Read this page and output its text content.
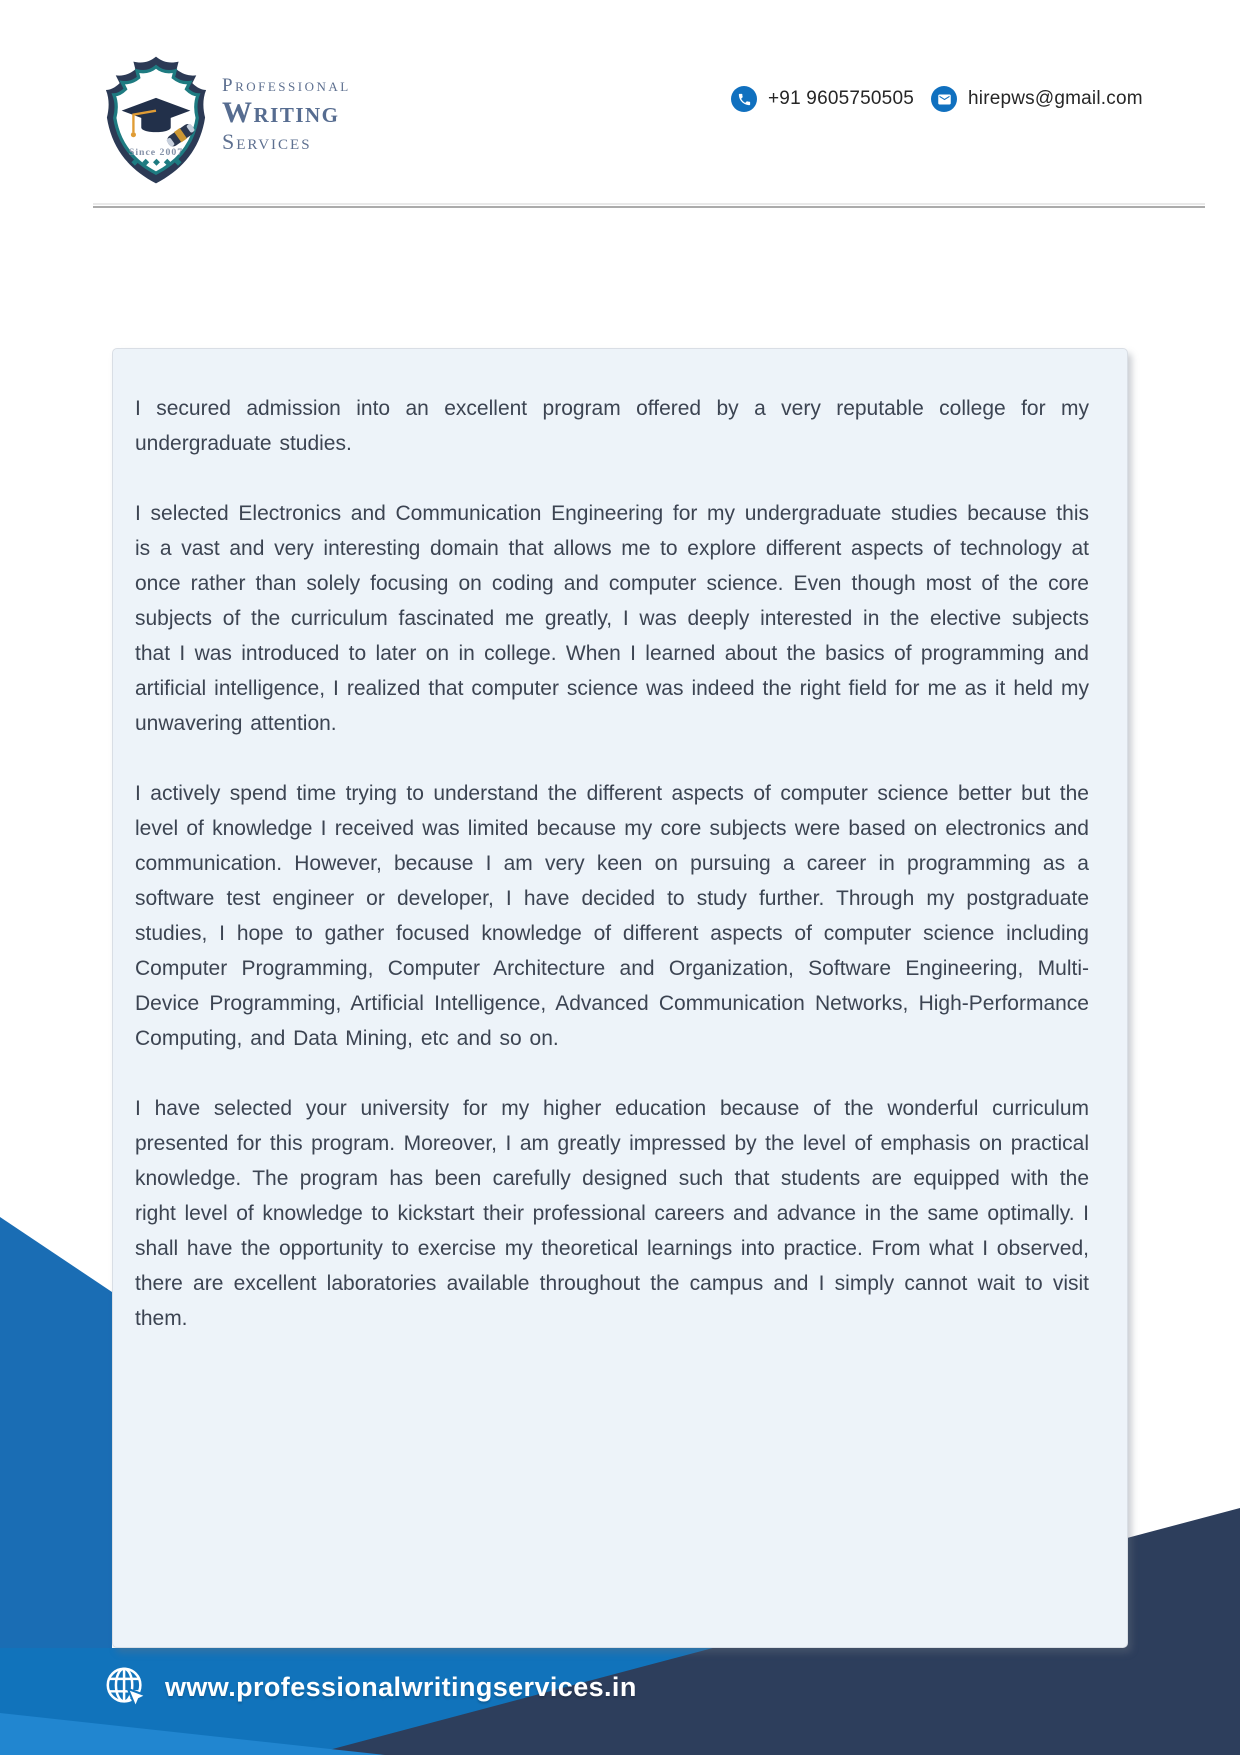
Since 2007
Professional
Writing
Services
+91 9605750505	hirepws@gmail.com

I secured admission into an excellent program offered by a very reputable college for my undergraduate studies.

I selected Electronics and Communication Engineering for my undergraduate studies because this is a vast and very interesting domain that allows me to explore different aspects of technology at once rather than solely focusing on coding and computer science. Even though most of the core subjects of the curriculum fascinated me greatly, I was deeply interested in the elective subjects that I was introduced to later on in college. When I learned about the basics of programming and artificial intelligence, I realized that computer science was indeed the right field for me as it held my unwavering attention.

I actively spend time trying to understand the different aspects of computer science better but the level of knowledge I received was limited because my core subjects were based on electronics and communication. However, because I am very keen on pursuing a career in programming as a software test engineer or developer, I have decided to study further. Through my postgraduate studies, I hope to gather focused knowledge of different aspects of computer science including Computer Programming, Computer Architecture and Organization, Software Engineering, Multi-Device Programming, Artificial Intelligence, Advanced Communication Networks, High-Performance Computing, and Data Mining, etc and so on.

I have selected your university for my higher education because of the wonderful curriculum presented for this program. Moreover, I am greatly impressed by the level of emphasis on practical knowledge. The program has been carefully designed such that students are equipped with the right level of knowledge to kickstart their professional careers and advance in the same optimally. I shall have the opportunity to exercise my theoretical learnings into practice. From what I observed, there are excellent laboratories available throughout the campus and I simply cannot wait to visit them.

www.professionalwritingservices.in
